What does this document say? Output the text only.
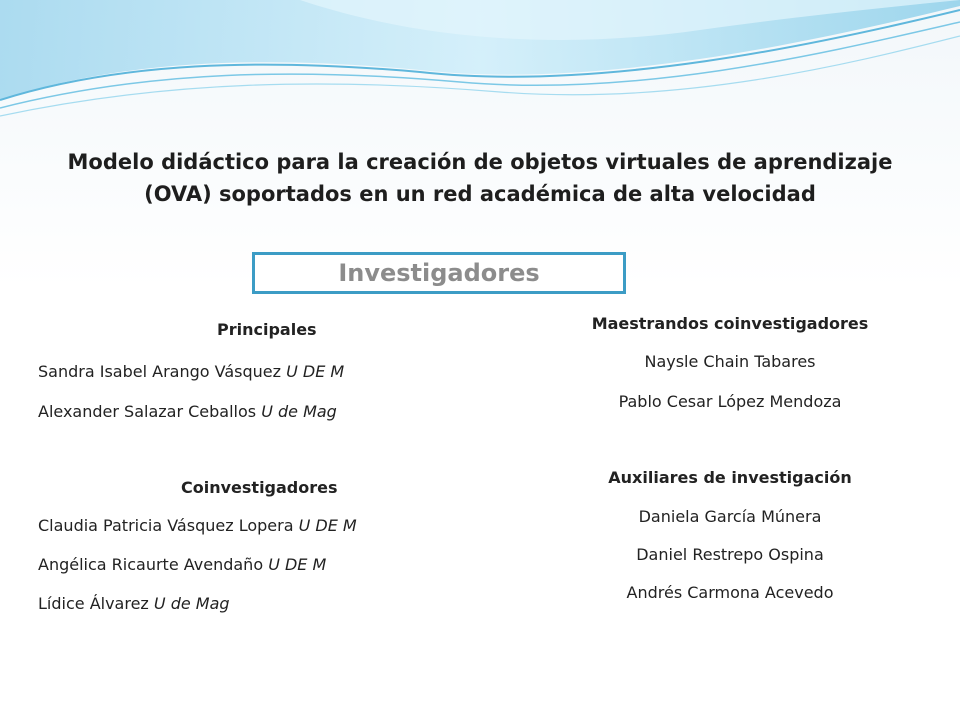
Modelo didáctico para la creación de objetos virtuales de aprendizaje
(OVA) soportados en un red académica de alta velocidad
Investigadores
Principales
Sandra Isabel Arango Vásquez U DE M
Alexander Salazar Ceballos U de Mag
Coinvestigadores
Claudia Patricia Vásquez Lopera U DE M
Angélica Ricaurte Avendaño U DE M
Lídice Álvarez U de Mag
Maestrandos coinvestigadores
Naysle Chain Tabares
Pablo Cesar López Mendoza
Auxiliares de investigación
Daniela García Múnera
Daniel Restrepo Ospina
Andrés Carmona Acevedo
